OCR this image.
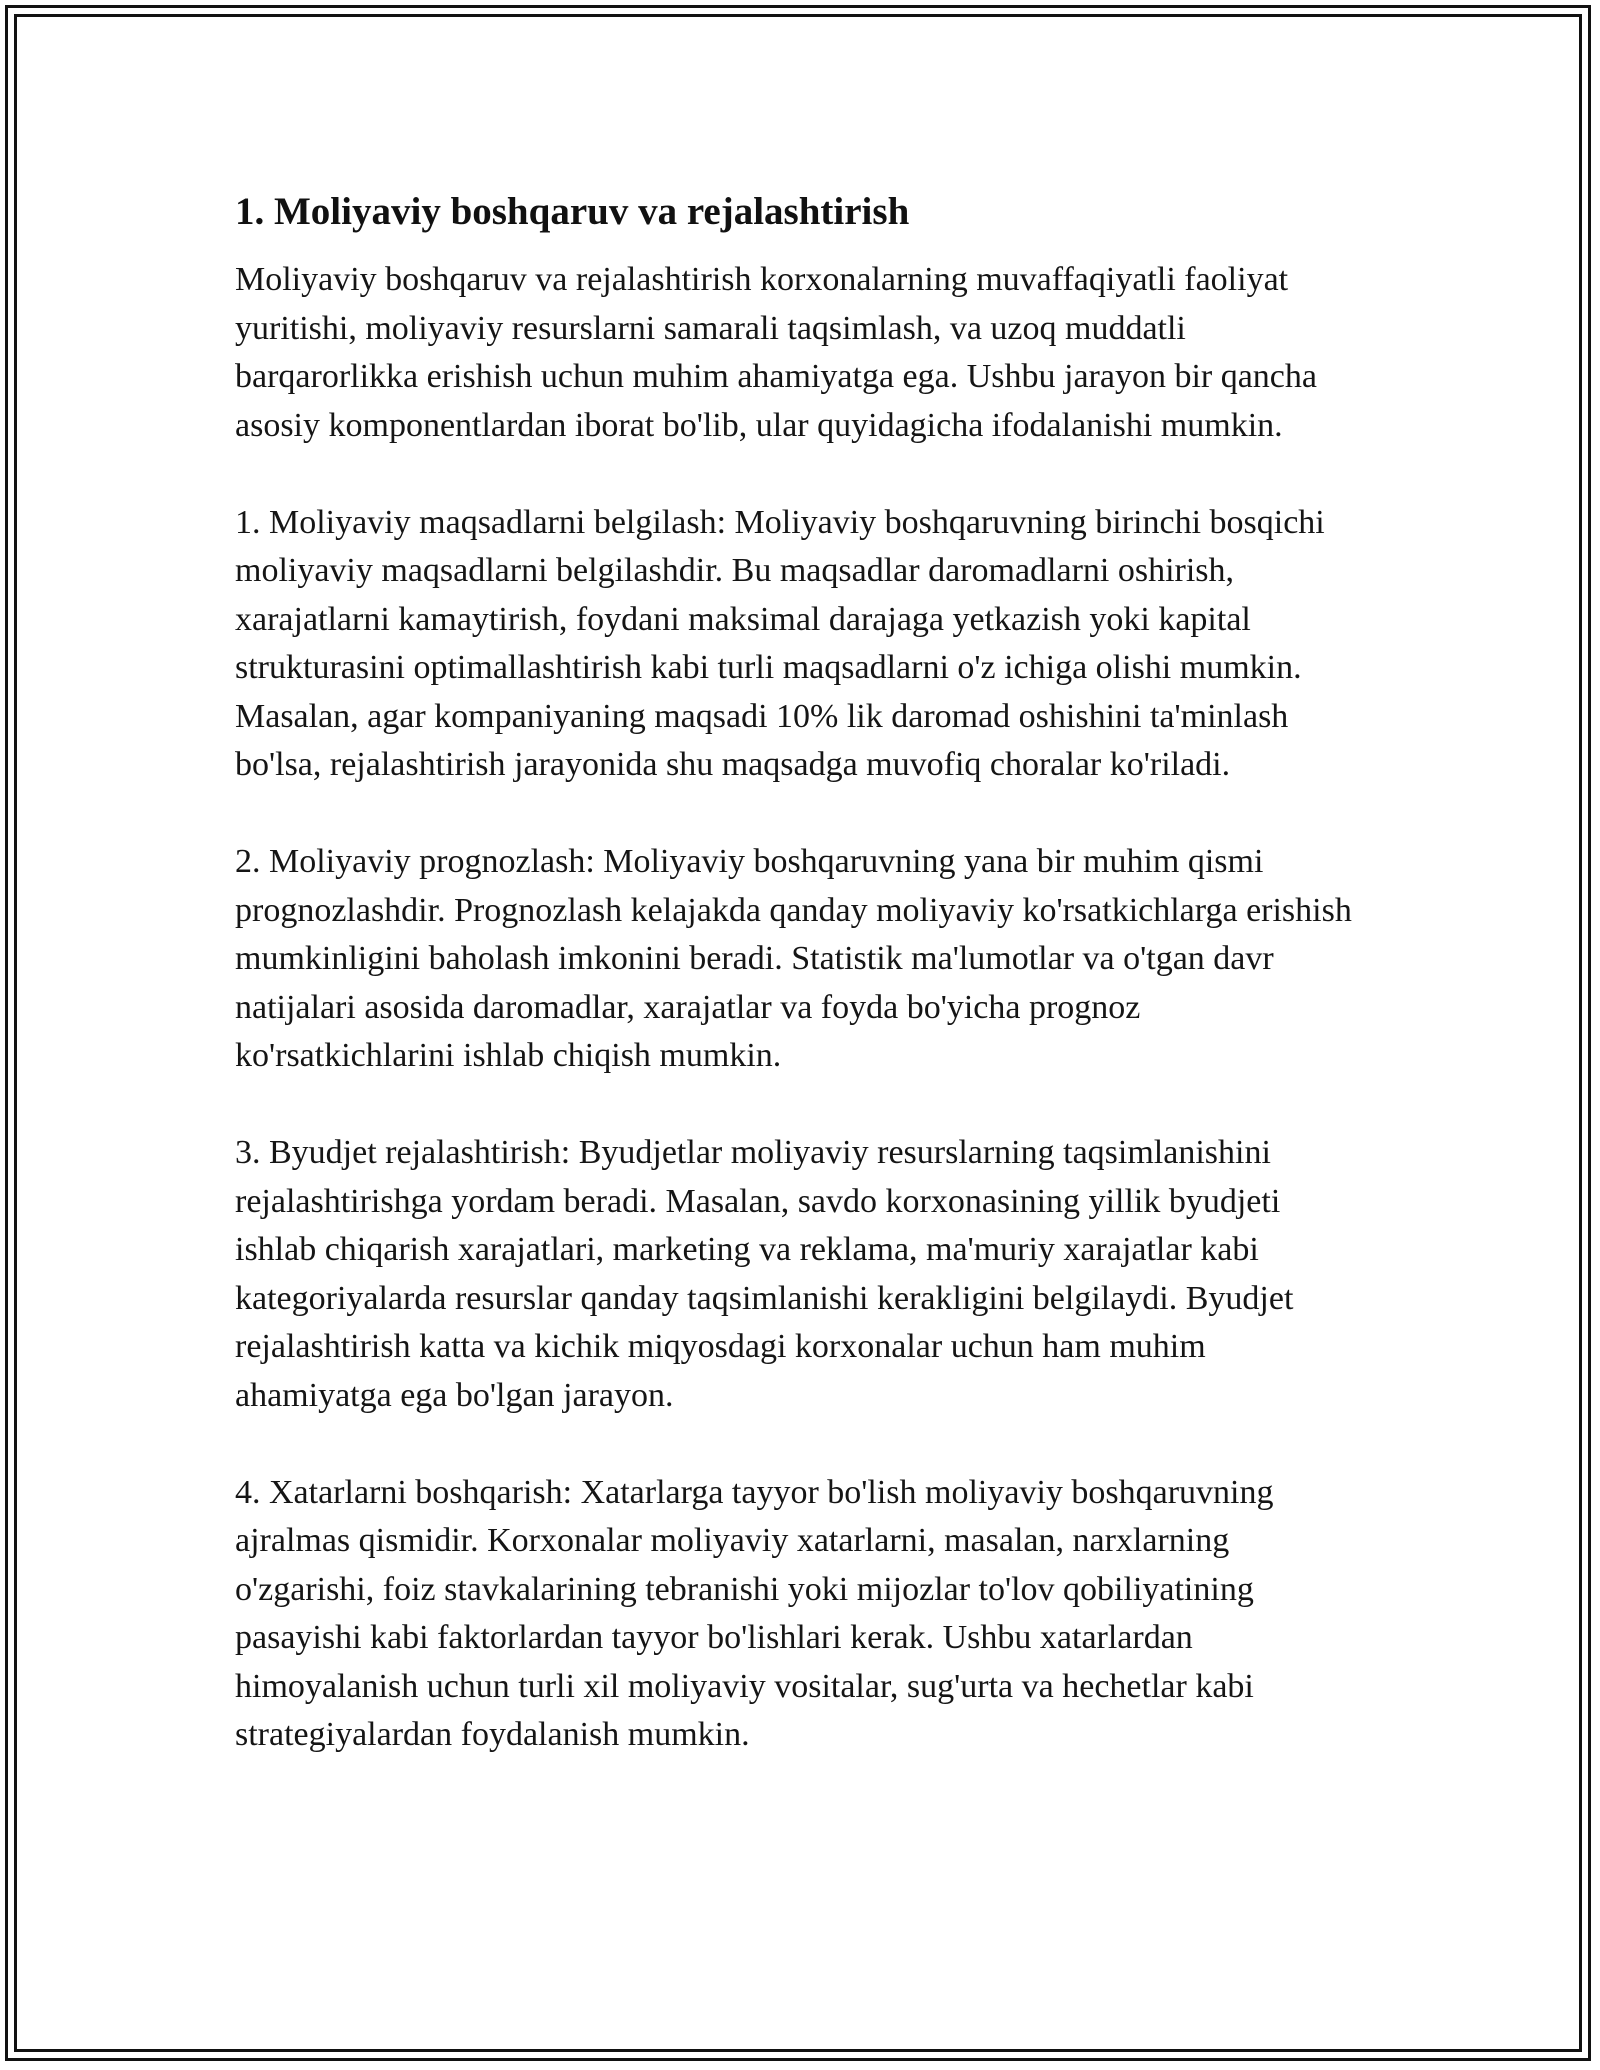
1. Moliyaviy boshqaruv va rejalashtirish

Moliyaviy boshqaruv va rejalashtirish korxonalarning muvaffaqiyatli faoliyat yuritishi, moliyaviy resurslarni samarali taqsimlash, va uzoq muddatli barqarorlikka erishish uchun muhim ahamiyatga ega. Ushbu jarayon bir qancha asosiy komponentlardan iborat bo'lib, ular quyidagicha ifodalanishi mumkin.

1. Moliyaviy maqsadlarni belgilash: Moliyaviy boshqaruvning birinchi bosqichi moliyaviy maqsadlarni belgilashdir. Bu maqsadlar daromadlarni oshirish, xarajatlarni kamaytirish, foydani maksimal darajaga yetkazish yoki kapital strukturasini optimallashtirish kabi turli maqsadlarni o'z ichiga olishi mumkin. Masalan, agar kompaniyaning maqsadi 10% lik daromad oshishini ta'minlash bo'lsa, rejalashtirish jarayonida shu maqsadga muvofiq choralar ko'riladi.

2. Moliyaviy prognozlash: Moliyaviy boshqaruvning yana bir muhim qismi prognozlashdir. Prognozlash kelajakda qanday moliyaviy ko'rsatkichlarga erishish mumkinligini baholash imkonini beradi. Statistik ma'lumotlar va o'tgan davr natijalari asosida daromadlar, xarajatlar va foyda bo'yicha prognoz ko'rsatkichlarini ishlab chiqish mumkin.

3. Byudjet rejalashtirish: Byudjetlar moliyaviy resurslarning taqsimlanishini rejalashtirishga yordam beradi. Masalan, savdo korxonasining yillik byudjeti ishlab chiqarish xarajatlari, marketing va reklama, ma'muriy xarajatlar kabi kategoriyalarda resurslar qanday taqsimlanishi kerakligini belgilaydi. Byudjet rejalashtirish katta va kichik miqyosdagi korxonalar uchun ham muhim ahamiyatga ega bo'lgan jarayon.

4. Xatarlarni boshqarish: Xatarlarga tayyor bo'lish moliyaviy boshqaruvning ajralmas qismidir. Korxonalar moliyaviy xatarlarni, masalan, narxlarning o'zgarishi, foiz stavkalarining tebranishi yoki mijozlar to'lov qobiliyatining pasayishi kabi faktorlardan tayyor bo'lishlari kerak. Ushbu xatarlardan himoyalanish uchun turli xil moliyaviy vositalar, sug'urta va hechetlar kabi strategiyalardan foydalanish mumkin.
